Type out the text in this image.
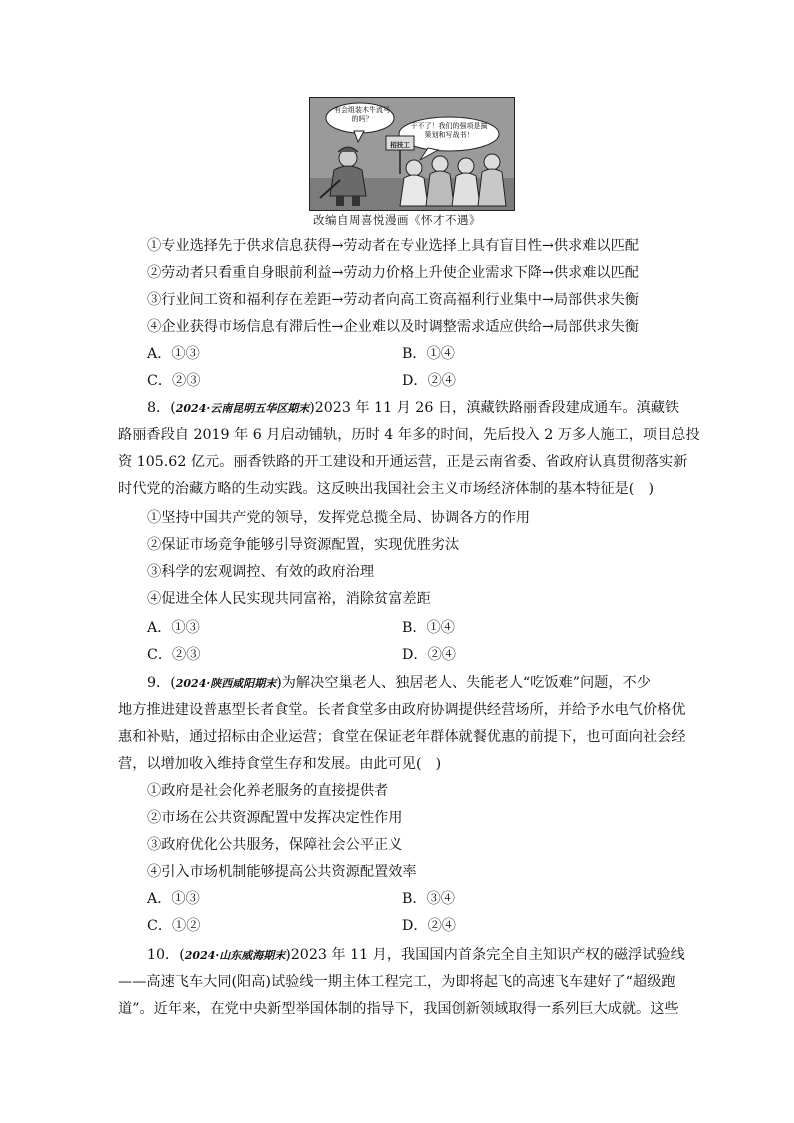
有会组装木牛流马的吗？
招技工
干不了！我们的强项是搞策划和写战书！
改编自周喜悦漫画《怀才不遇》
①专业选择先于供求信息获得→劳动者在专业选择上具有盲目性→供求难以匹配
②劳动者只看重自身眼前利益→劳动力价格上升使企业需求下降→供求难以匹配
③行业间工资和福利存在差距→劳动者向高工资高福利行业集中→局部供求失衡
④企业获得市场信息有滞后性→企业难以及时调整需求适应供给→局部供求失衡
A．①③	B．①④
C．②③	D．②④
8．(2024·云南昆明五华区期末)2023 年 11 月 26 日，滇藏铁路丽香段建成通车。滇藏铁
路丽香段自 2019 年 6 月启动铺轨，历时 4 年多的时间，先后投入 2 万多人施工，项目总投
资 105.62 亿元。丽香铁路的开工建设和开通运营，正是云南省委、省政府认真贯彻落实新
时代党的治藏方略的生动实践。这反映出我国社会主义市场经济体制的基本特征是(　)
①坚持中国共产党的领导，发挥党总揽全局、协调各方的作用
②保证市场竞争能够引导资源配置，实现优胜劣汰
③科学的宏观调控、有效的政府治理
④促进全体人民实现共同富裕，消除贫富差距
A．①③	B．①④
C．②③	D．②④
9．(2024·陕西咸阳期末)为解决空巢老人、独居老人、失能老人“吃饭难”问题，不少
地方推进建设普惠型长者食堂。长者食堂多由政府协调提供经营场所，并给予水电气价格优
惠和补贴，通过招标由企业运营；食堂在保证老年群体就餐优惠的前提下，也可面向社会经
营，以增加收入维持食堂生存和发展。由此可见(　)
①政府是社会化养老服务的直接提供者
②市场在公共资源配置中发挥决定性作用
③政府优化公共服务，保障社会公平正义
④引入市场机制能够提高公共资源配置效率
A．①③	B．③④
C．①②	D．②④
10．(2024·山东威海期末)2023 年 11 月，我国国内首条完全自主知识产权的磁浮试验线
——高速飞车大同(阳高)试验线一期主体工程完工，为即将起飞的高速飞车建好了“超级跑
道”。近年来，在党中央新型举国体制的指导下，我国创新领域取得一系列巨大成就。这些
